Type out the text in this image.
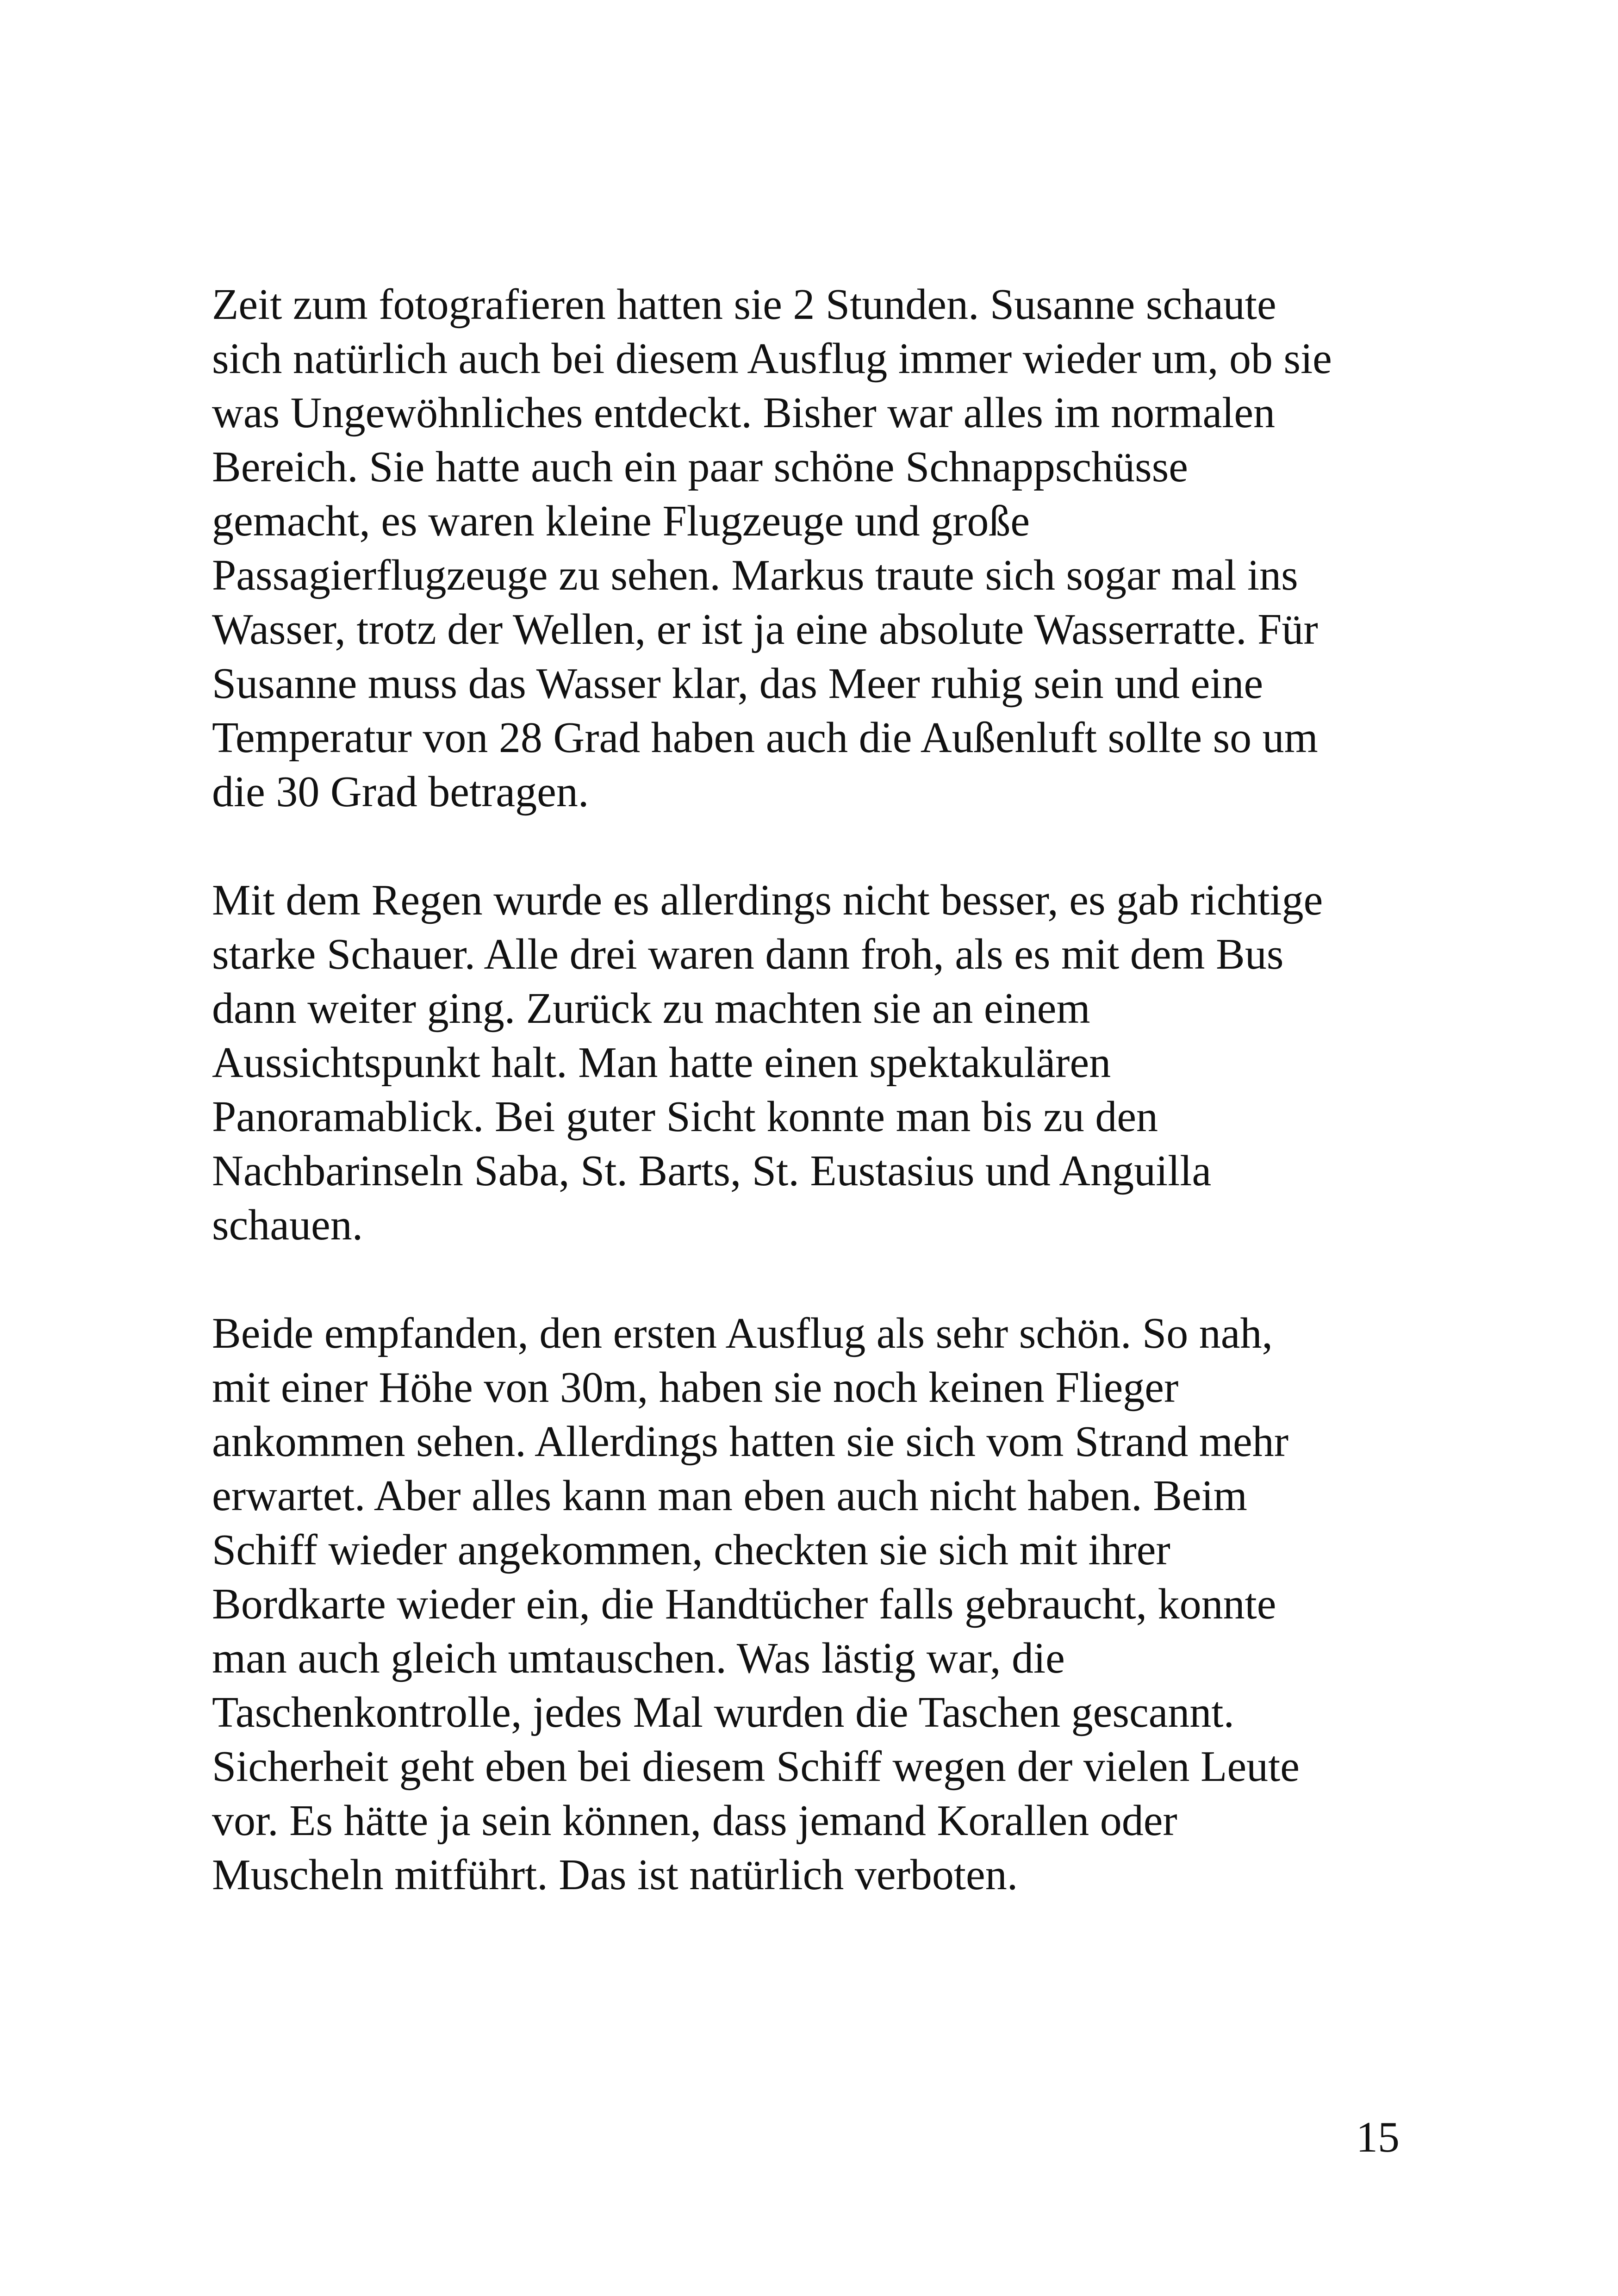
Zeit zum fotografieren hatten sie 2 Stunden. Susanne schaute
sich natürlich auch bei diesem Ausflug immer wieder um, ob sie
was Ungewöhnliches entdeckt. Bisher war alles im normalen
Bereich. Sie hatte auch ein paar schöne Schnappschüsse
gemacht, es waren kleine Flugzeuge und große
Passagierflugzeuge zu sehen. Markus traute sich sogar mal ins
Wasser, trotz der Wellen, er ist ja eine absolute Wasserratte. Für
Susanne muss das Wasser klar, das Meer ruhig sein und eine
Temperatur von 28 Grad haben auch die Außenluft sollte so um
die 30 Grad betragen.
Mit dem Regen wurde es allerdings nicht besser, es gab richtige
starke Schauer. Alle drei waren dann froh, als es mit dem Bus
dann weiter ging. Zurück zu machten sie an einem
Aussichtspunkt halt. Man hatte einen spektakulären
Panoramablick. Bei guter Sicht konnte man bis zu den
Nachbarinseln Saba, St. Barts, St. Eustasius und Anguilla
schauen.
Beide empfanden, den ersten Ausflug als sehr schön. So nah,
mit einer Höhe von 30m, haben sie noch keinen Flieger
ankommen sehen. Allerdings hatten sie sich vom Strand mehr
erwartet. Aber alles kann man eben auch nicht haben. Beim
Schiff wieder angekommen, checkten sie sich mit ihrer
Bordkarte wieder ein, die Handtücher falls gebraucht, konnte
man auch gleich umtauschen. Was lästig war, die
Taschenkontrolle, jedes Mal wurden die Taschen gescannt.
Sicherheit geht eben bei diesem Schiff wegen der vielen Leute
vor. Es hätte ja sein können, dass jemand Korallen oder
Muscheln mitführt. Das ist natürlich verboten.
15
